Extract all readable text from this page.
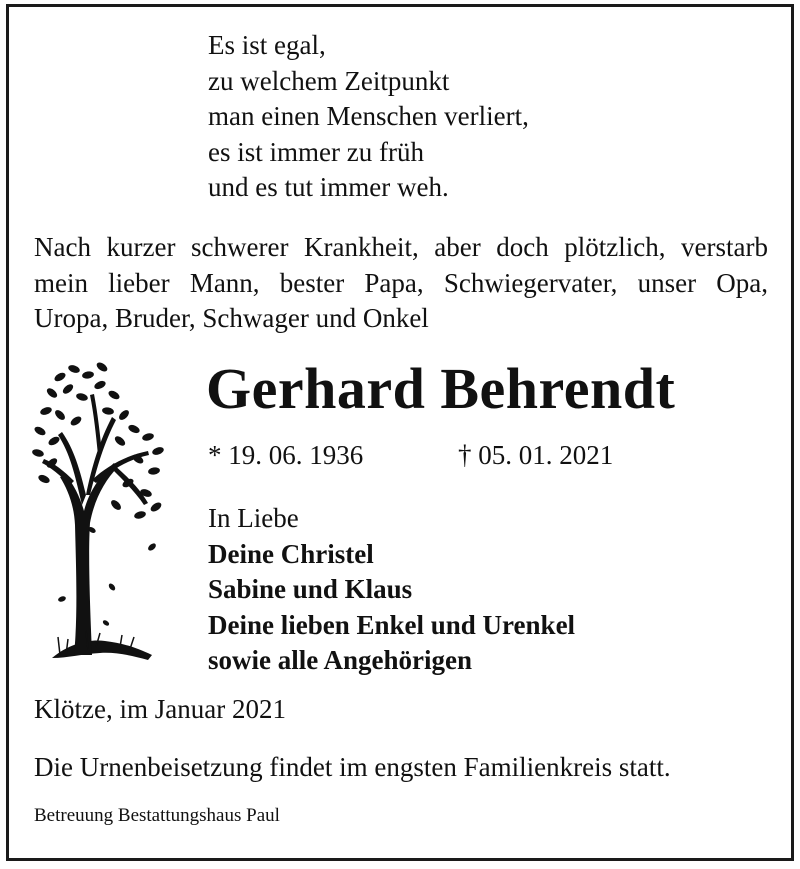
Es ist egal,
zu welchem Zeitpunkt
man einen Menschen verliert,
es ist immer zu früh
und es tut immer weh.
Nach kurzer schwerer Krankheit, aber doch plötzlich, verstarb
mein lieber Mann, bester Papa, Schwiegervater, unser Opa,
Uropa, Bruder, Schwager und Onkel
Gerhard Behrendt
* 19. 06. 1936	† 05. 01. 2021
In Liebe
Deine Christel
Sabine und Klaus
Deine lieben Enkel und Urenkel
sowie alle Angehörigen
Klötze, im Januar 2021
Die Urnenbeisetzung findet im engsten Familienkreis statt.
Betreuung Bestattungshaus Paul
